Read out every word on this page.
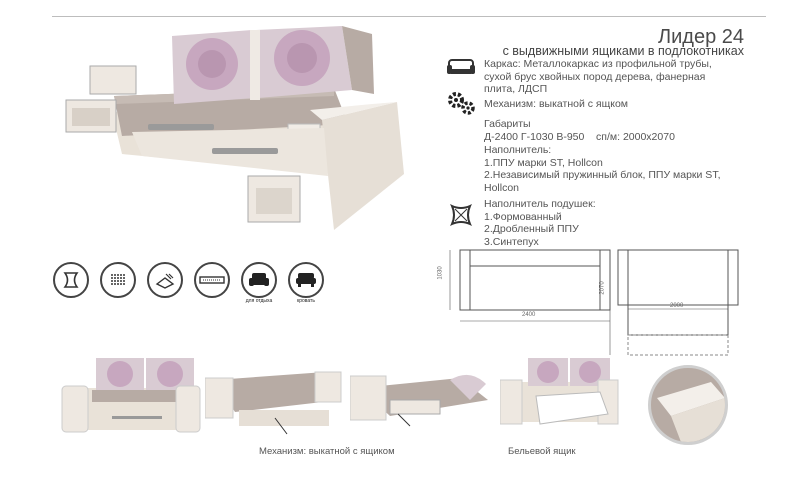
Лидер 24
с выдвижными ящиками в подлокотниках
Каркас: Металлокаркас из профильной трубы,
сухой брус хвойных пород дерева, фанерная
плита, ЛДСП
Механизм: выкатной с ящком
Габариты
Д-2400 Г-1030 В-950 сп/м: 2000х2070
Наполнитель:
1.ППУ марки ST, Hollcon
2.Независимый пружинный блок, ППУ марки ST,
Hollcon
Наполнитель подушек:
1.Формованный
2.Дробленный ППУ
3.Синтепух
для отдыха	кровать
1030
2400
2070
2000
Механизм: выкатной с ящиком	Бельевой ящик
